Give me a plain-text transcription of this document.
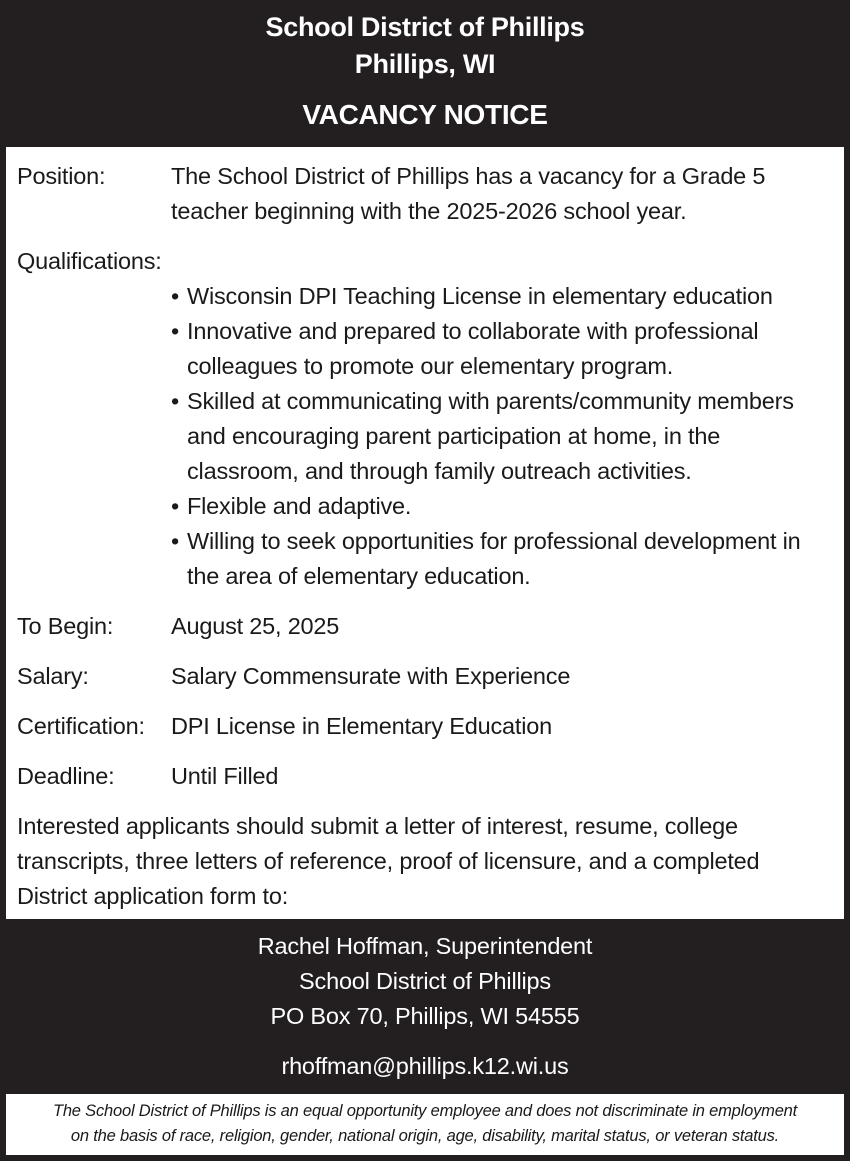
School District of Phillips
Phillips, WI
VACANCY NOTICE
Position:	The School District of Phillips has a vacancy for a Grade 5 teacher beginning with the 2025-2026 school year.
Qualifications:
• Wisconsin DPI Teaching License in elementary education
• Innovative and prepared to collaborate with professional colleagues to promote our elementary program.
• Skilled at communicating with parents/community members and encouraging parent participation at home, in the classroom, and through family outreach activities.
• Flexible and adaptive.
• Willing to seek opportunities for professional development in the area of elementary education.
To Begin:	August 25, 2025
Salary:	Salary Commensurate with Experience
Certification:	DPI License in Elementary Education
Deadline:	Until Filled
Interested applicants should submit a letter of interest, resume, college transcripts, three letters of reference, proof of licensure, and a completed District application form to:
Rachel Hoffman, Superintendent
School District of Phillips
PO Box 70, Phillips, WI 54555
rhoffman@phillips.k12.wi.us
The School District of Phillips is an equal opportunity employee and does not discriminate in employment
on the basis of race, religion, gender, national origin, age, disability, marital status, or veteran status.
